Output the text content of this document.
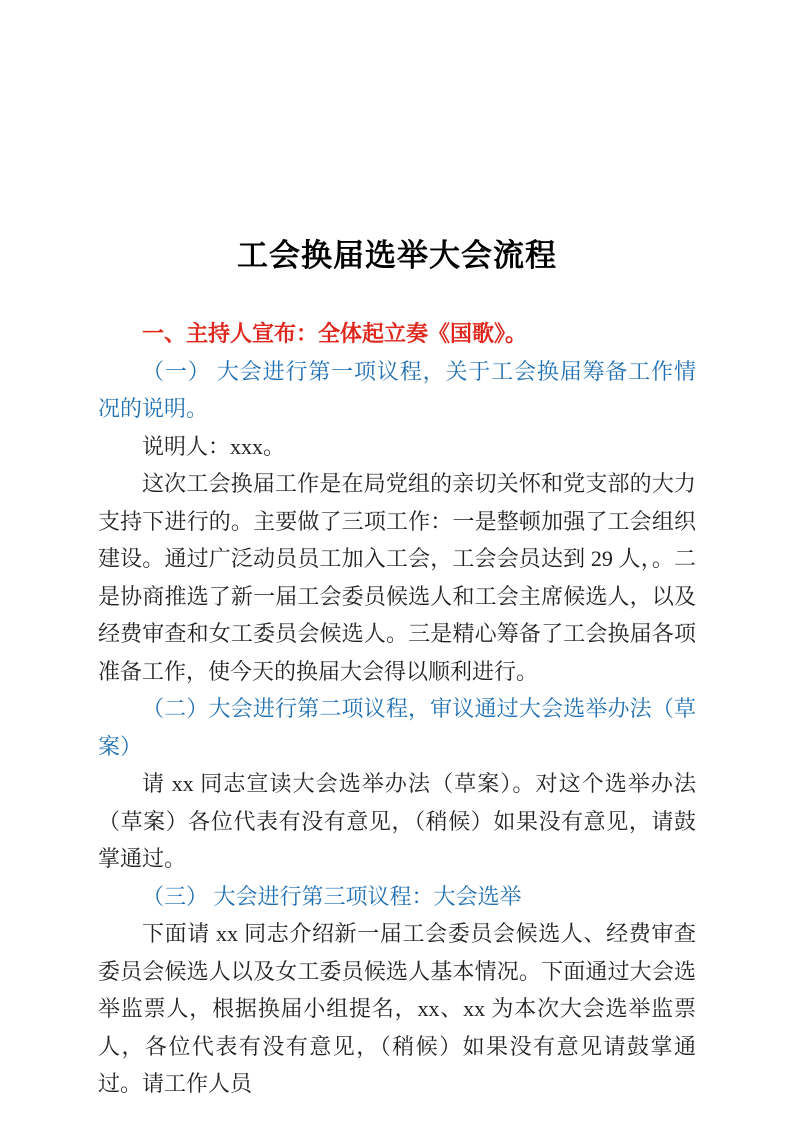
工会换届选举大会流程

一、主持人宣布：全体起立奏《国歌》。

（一） 大会进行第一项议程，关于工会换届筹备工作情况的说明。

说明人：xxx。

这次工会换届工作是在局党组的亲切关怀和党支部的大力支持下进行的。主要做了三项工作：一是整顿加强了工会组织建设。通过广泛动员员工加入工会，工会会员达到 29 人，。二是协商推选了新一届工会委员候选人和工会主席候选人，以及经费审查和女工委员会候选人。三是精心筹备了工会换届各项准备工作，使今天的换届大会得以顺利进行。

（二）大会进行第二项议程，审议通过大会选举办法（草案）

请 xx 同志宣读大会选举办法（草案）。对这个选举办法（草案）各位代表有没有意见，（稍候）如果没有意见，请鼓掌通过。

（三） 大会进行第三项议程：大会选举

下面请 xx 同志介绍新一届工会委员会候选人、经费审查委员会候选人以及女工委员候选人基本情况。下面通过大会选举监票人，根据换届小组提名，xx、xx 为本次大会选举监票人，各位代表有没有意见，（稍候）如果没有意见请鼓掌通过。请工作人员
